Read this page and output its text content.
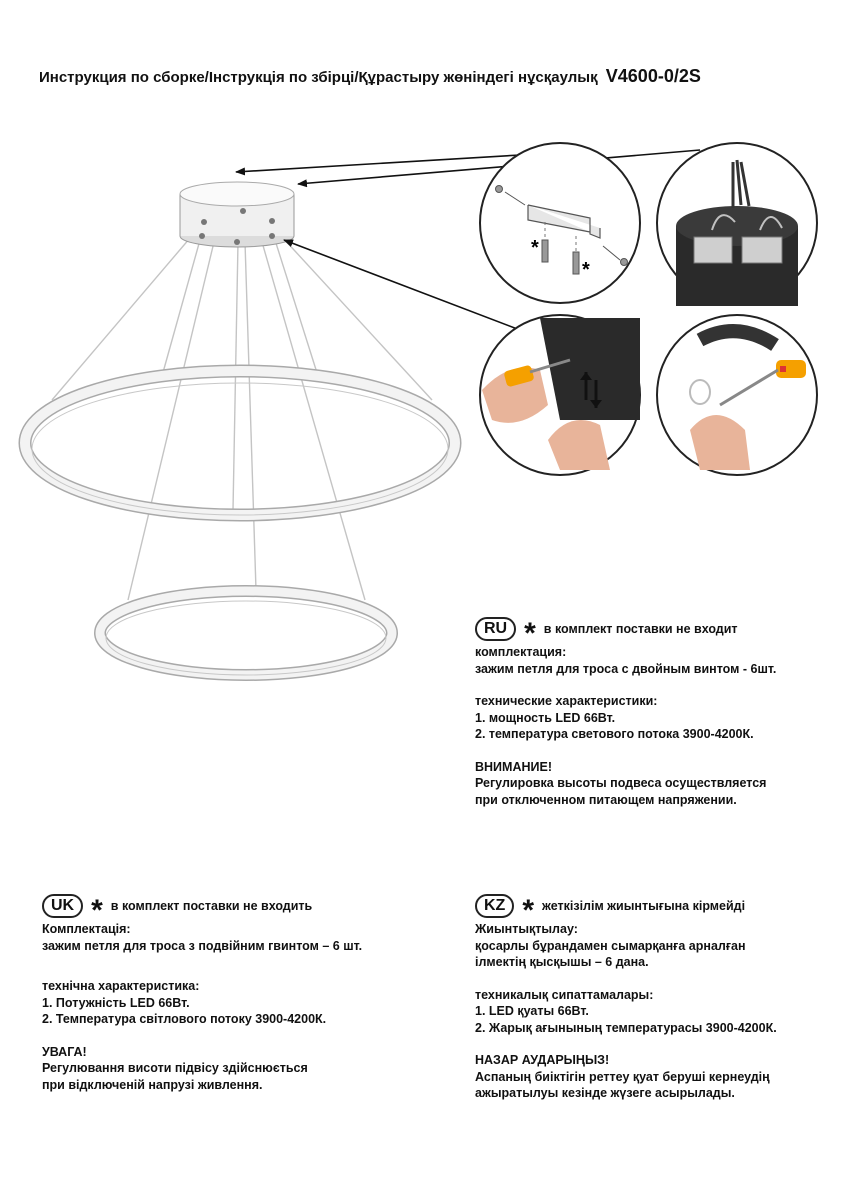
Инструкция по сборке/Інструкція по збірці/Құрастыру жөніндегі нұсқаулық V4600-0/2S
*
*
RU * в комплект поставки не входит

комплектация:

зажим петля для троса с двойным винтом - 6шт.

технические характеристики:

1. мощность LED 66Вт.

2. температура светового потока 3900-4200К.

ВНИМАНИЕ!

Регулировка высоты подвеса осуществляется

при отключенном питающем напряжении.

UK * в комплект поставки не входить

Комплектація:

зажим петля для троса з подвійним гвинтом – 6 шт.

технічна характеристика:

1. Потужність LED 66Вт.

2. Температура світлового потоку 3900-4200К.

УВАГА!

Регулювання висоти підвісу здійснюється

при відключеній напрузі живлення.

KZ * жеткізілім жиынтығына кірмейді

Жиынтықтылау:

қосарлы бұрандамен сымарқанға арналған

ілмектің қысқышы – 6 дана.

техникалық сипаттамалары:

1. LED қуаты 66Вт.

2. Жарық ағынының температурасы 3900-4200К.

НАЗАР АУДАРЫҢЫЗ!

Аспаның биіктігін реттеу қуат беруші кернеудің

ажыратылуы кезінде жүзеге асырылады.
